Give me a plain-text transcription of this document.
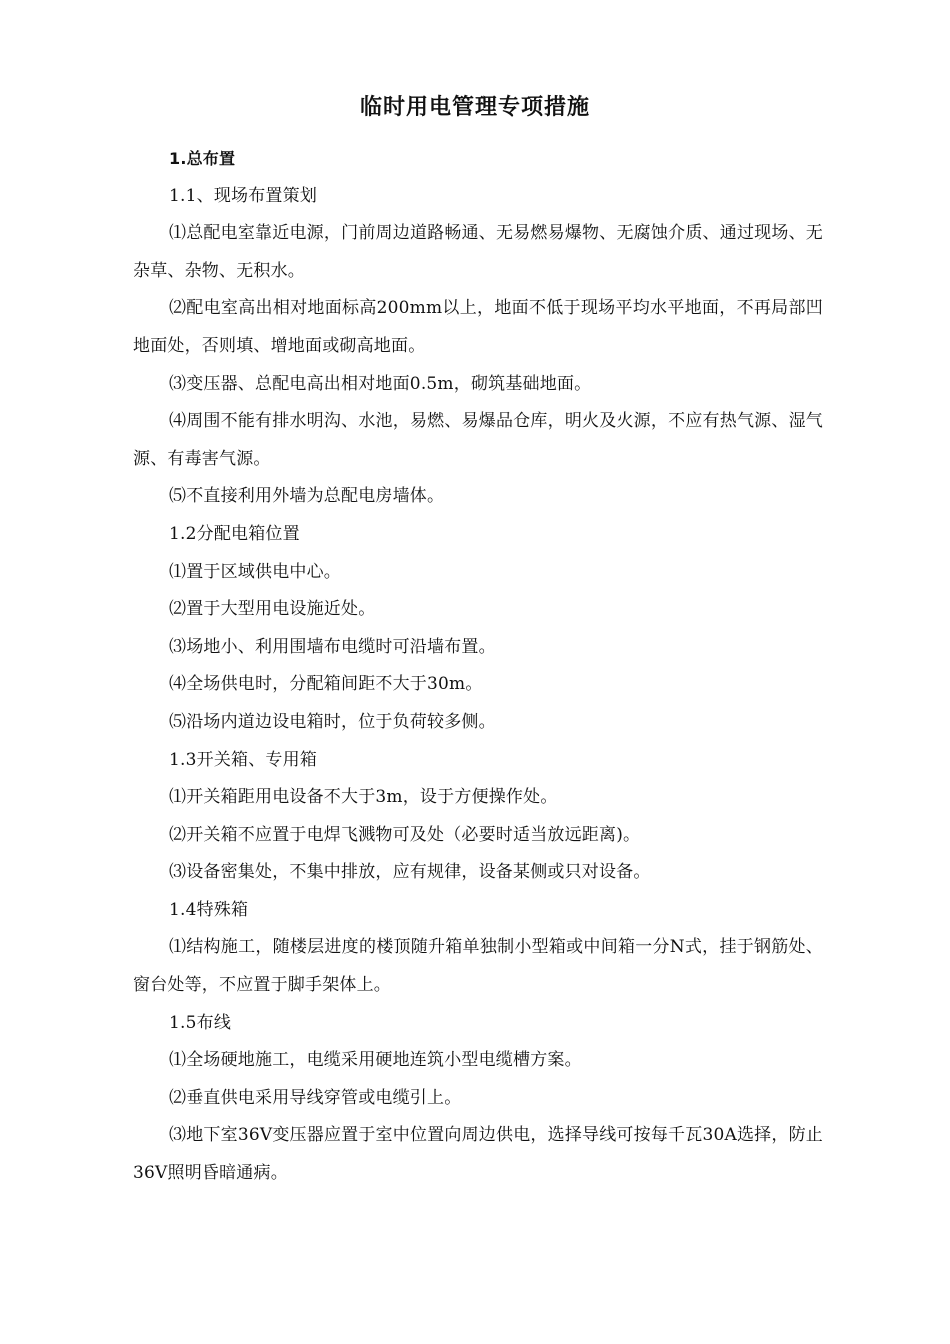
临时用电管理专项措施

1.总布置

1.1、现场布置策划

⑴总配电室靠近电源，门前周边道路畅通、无易燃易爆物、无腐蚀介质、通过现场、无杂草、杂物、无积水。

⑵配电室高出相对地面标高200mm以上，地面不低于现场平均水平地面，不再局部凹地面处，否则填、增地面或砌高地面。

⑶变压器、总配电高出相对地面0.5m，砌筑基础地面。

⑷周围不能有排水明沟、水池，易燃、易爆品仓库，明火及火源，不应有热气源、湿气源、有毒害气源。

⑸不直接利用外墙为总配电房墙体。

1.2分配电箱位置

⑴置于区域供电中心。

⑵置于大型用电设施近处。

⑶场地小、利用围墙布电缆时可沿墙布置。

⑷全场供电时，分配箱间距不大于30m。

⑸沿场内道边设电箱时，位于负荷较多侧。

1.3开关箱、专用箱

⑴开关箱距用电设备不大于3m，设于方便操作处。

⑵开关箱不应置于电焊飞溅物可及处（必要时适当放远距离)。

⑶设备密集处，不集中排放，应有规律，设备某侧或只对设备。

1.4特殊箱

⑴结构施工，随楼层进度的楼顶随升箱单独制小型箱或中间箱一分N式，挂于钢筋处、窗台处等，不应置于脚手架体上。

1.5布线

⑴全场硬地施工，电缆采用硬地连筑小型电缆槽方案。

⑵垂直供电采用导线穿管或电缆引上。

⑶地下室36V变压器应置于室中位置向周边供电，选择导线可按每千瓦30A选择，防止36V照明昏暗通病。
